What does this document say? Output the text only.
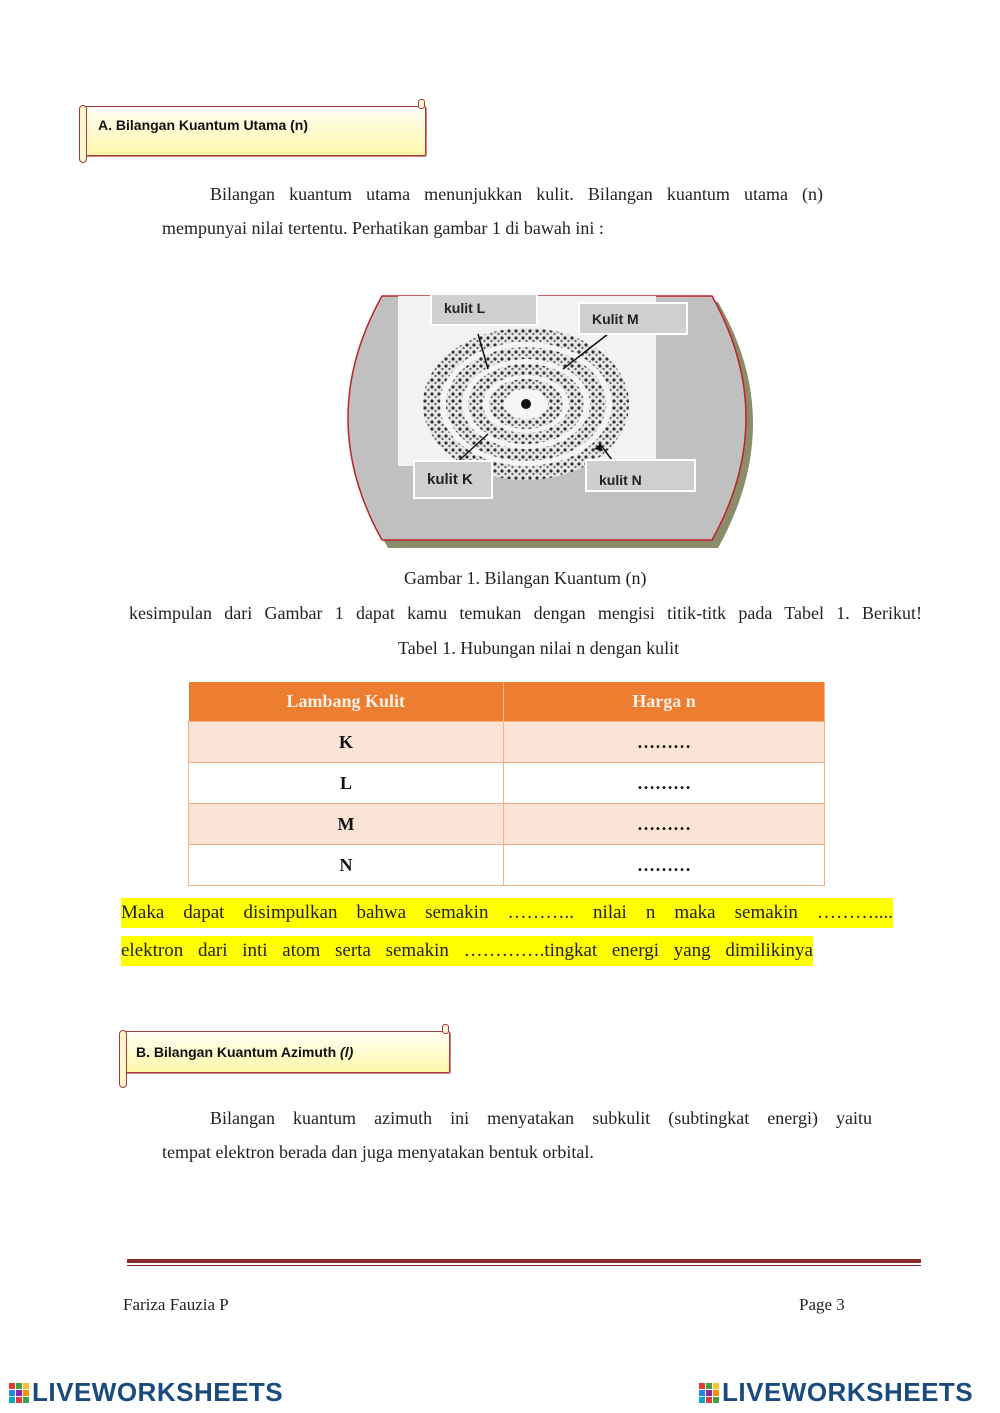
A. Bilangan Kuantum Utama (n)
Bilangan kuantum utama menunjukkan kulit. Bilangan kuantum utama (n)
mempunyai nilai tertentu. Perhatikan gambar 1 di bawah ini :
kulit L
Kulit M
kulit K	kulit N
Gambar 1. Bilangan Kuantum (n)
kesimpulan dari Gambar 1 dapat kamu temukan dengan mengisi titik-titk pada Tabel 1. Berikut!
Tabel 1. Hubungan nilai n dengan kulit
Lambang Kulit	Harga n
K	………
L	………
M	………
N	………
Maka dapat disimpulkan bahwa semakin ……….. nilai n maka semakin ………....
elektron dari inti atom serta semakin ………….tingkat energi yang dimilikinya
B. Bilangan Kuantum Azimuth (l)
Bilangan kuantum azimuth ini menyatakan subkulit (subtingkat energi) yaitu
tempat elektron berada dan juga menyatakan bentuk orbital.
Fariza Fauzia P	Page 3
LIVEWORKSHEETS	LIVEWORKSHEETS
